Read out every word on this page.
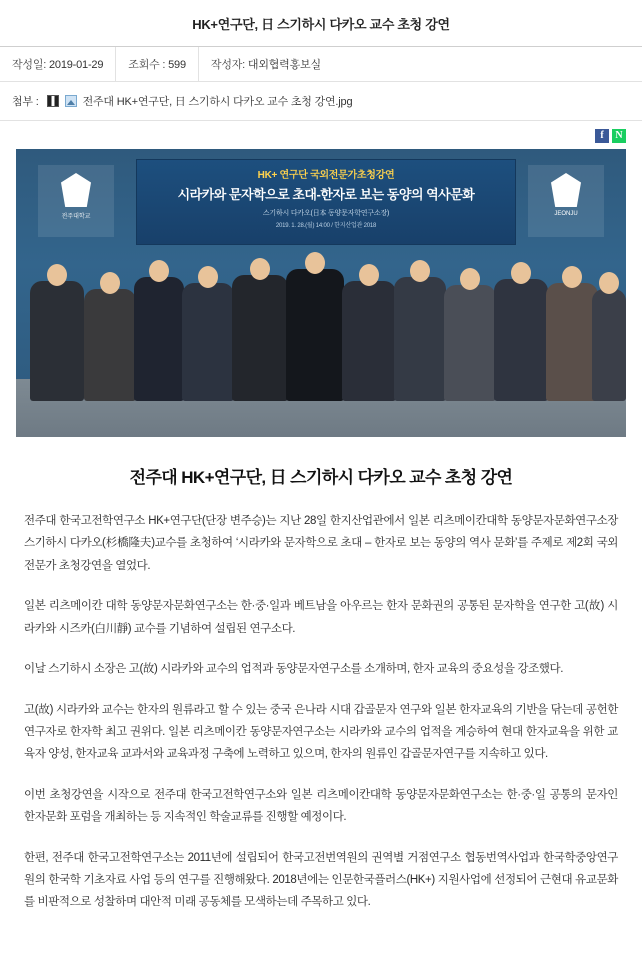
HK+연구단, 日 스기하시 다카오 교수 초청 강연
작성일: 2019-01-29	조회수 : 599	작성자: 대외협력홍보실
첨부 :	전주대 HK+연구단, 日 스기하시 다카오 교수 초청 강연.jpg
f	N
전주대학교
HK+ 연구단 국외전문가초청강연
시라카와 문자학으로 초대-한자로 보는 동양의 역사문화
스기하시 다카오(日本 동양문자학연구소장)
2019. 1. 28.(월) 14:00 / 한지산업관 2018
JEONJU
전주대 HK+연구단, 日 스기하시 다카오 교수 초청 강연

전주대 한국고전학연구소 HK+연구단(단장 변주승)는 지난 28일 한지산업관에서 일본 리츠메이칸대학 동양문자문화연구소장 스기하시 다카오(杉橋隆夫)교수를 초청하여 ‘시라카와 문자학으로 초대 – 한자로 보는 동양의 역사 문화’를 주제로 제2회 국외전문가 초청강연을 열었다.

일본 리츠메이칸 대학 동양문자문화연구소는 한·중·일과 베트남을 아우르는 한자 문화권의 공통된 문자학을 연구한 고(故) 시라카와 시즈카(白川靜) 교수를 기념하여 설립된 연구소다.

이날 스기하시 소장은 고(故) 시라카와 교수의 업적과 동양문자연구소를 소개하며, 한자 교육의 중요성을 강조했다.

고(故) 시라카와 교수는 한자의 원류라고 할 수 있는 중국 은나라 시대 갑골문자 연구와 일본 한자교육의 기반을 닦는데 공헌한 연구자로 한자학 최고 권위다. 일본 리츠메이칸 동양문자연구소는 시라카와 교수의 업적을 계승하여 현대 한자교육을 위한 교육자 양성, 한자교육 교과서와 교육과정 구축에 노력하고 있으며, 한자의 원류인 갑골문자연구를 지속하고 있다.

이번 초청강연을 시작으로 전주대 한국고전학연구소와 일본 리츠메이칸대학 동양문자문화연구소는 한·중·일 공통의 문자인 한자문화 포럼을 개최하는 등 지속적인 학술교류를 진행할 예정이다.

한편, 전주대 한국고전학연구소는 2011년에 설립되어 한국고전번역원의 권역별 거점연구소 협동번역사업과 한국학중앙연구원의 한국학 기초자료 사업 등의 연구를 진행해왔다. 2018년에는 인문한국플러스(HK+) 지원사업에 선정되어 근현대 유교문화를 비판적으로 성찰하며 대안적 미래 공동체를 모색하는데 주목하고 있다.
